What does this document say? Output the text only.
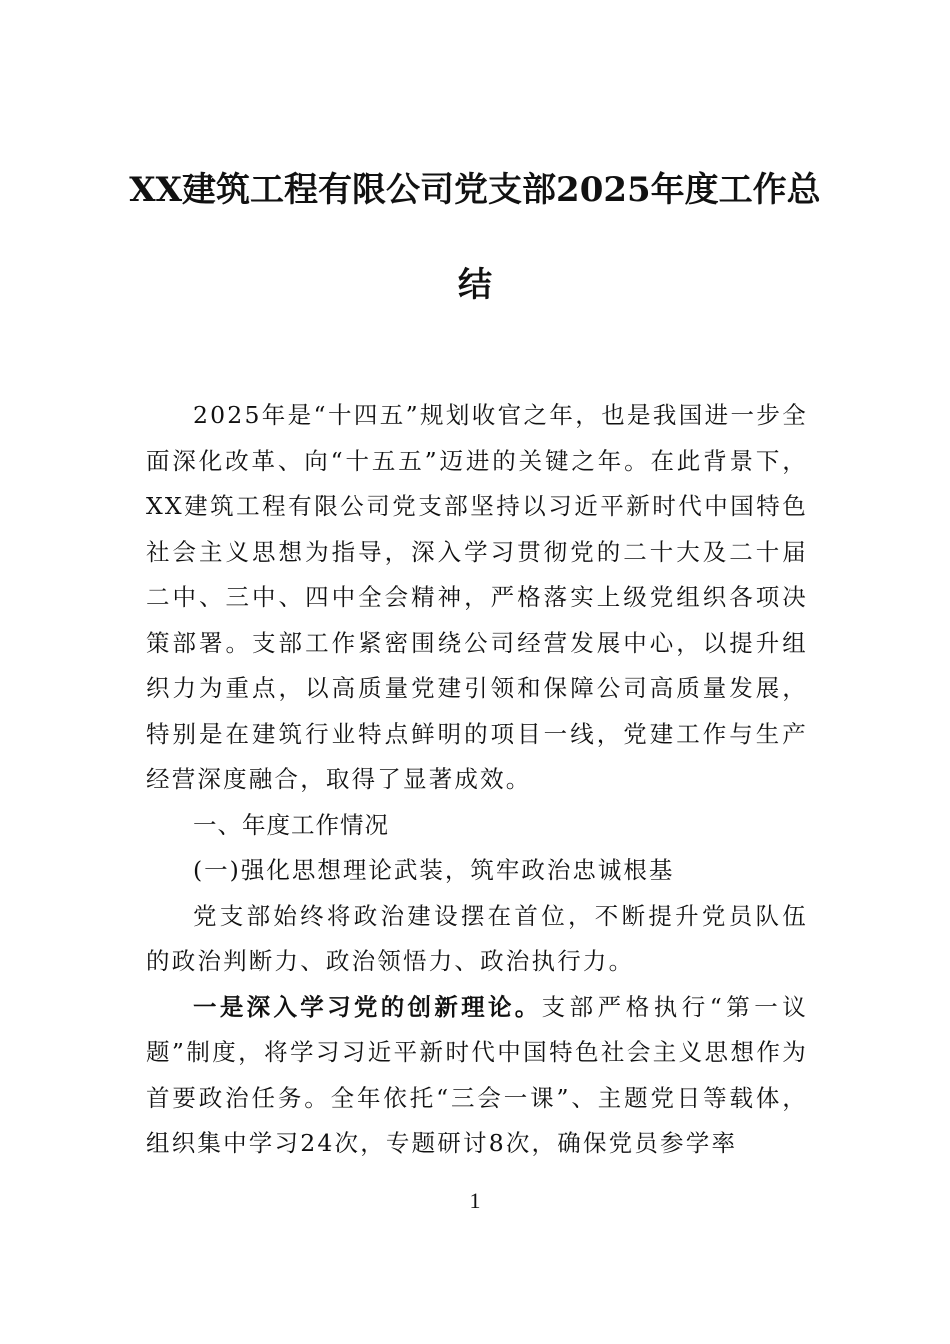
XX建筑工程有限公司党支部2025年度工作总结

2025年是“十四五”规划收官之年，也是我国进一步全面深化改革、向“十五五”迈进的关键之年。在此背景下，XX建筑工程有限公司党支部坚持以习近平新时代中国特色社会主义思想为指导，深入学习贯彻党的二十大及二十届二中、三中、四中全会精神，严格落实上级党组织各项决策部署。支部工作紧密围绕公司经营发展中心，以提升组织力为重点，以高质量党建引领和保障公司高质量发展，特别是在建筑行业特点鲜明的项目一线，党建工作与生产经营深度融合，取得了显著成效。

一、年度工作情况

(一)强化思想理论武装，筑牢政治忠诚根基

党支部始终将政治建设摆在首位，不断提升党员队伍的政治判断力、政治领悟力、政治执行力。

一是深入学习党的创新理论。支部严格执行“第一议题”制度，将学习习近平新时代中国特色社会主义思想作为首要政治任务。全年依托“三会一课”、主题党日等载体，组织集中学习24次，专题研讨8次，确保党员参学率

1
